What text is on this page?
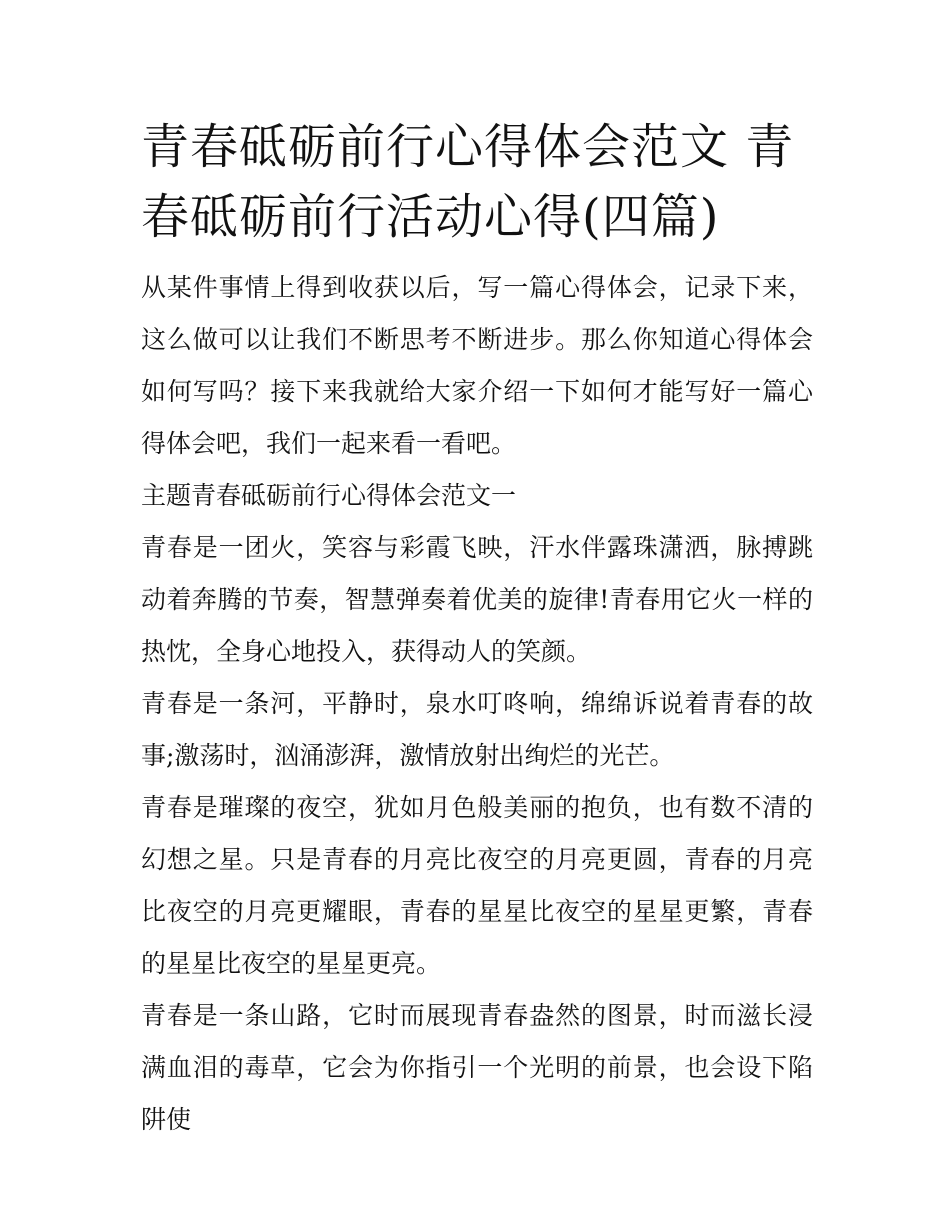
青春砥砺前行心得体会范文 青春砥砺前行活动心得(四篇)

从某件事情上得到收获以后，写一篇心得体会，记录下来，这么做可以让我们不断思考不断进步。那么你知道心得体会如何写吗？接下来我就给大家介绍一下如何才能写好一篇心得体会吧，我们一起来看一看吧。

主题青春砥砺前行心得体会范文一

青春是一团火，笑容与彩霞飞映，汗水伴露珠潇洒，脉搏跳动着奔腾的节奏，智慧弹奏着优美的旋律!青春用它火一样的热忱，全身心地投入，获得动人的笑颜。

青春是一条河，平静时，泉水叮咚响，绵绵诉说着青春的故事;激荡时，汹涌澎湃，激情放射出绚烂的光芒。

青春是璀璨的夜空，犹如月色般美丽的抱负，也有数不清的幻想之星。只是青春的月亮比夜空的月亮更圆，青春的月亮比夜空的月亮更耀眼，青春的星星比夜空的星星更繁，青春的星星比夜空的星星更亮。

青春是一条山路，它时而展现青春盎然的图景，时而滋长浸满血泪的毒草，它会为你指引一个光明的前景，也会设下陷阱使
